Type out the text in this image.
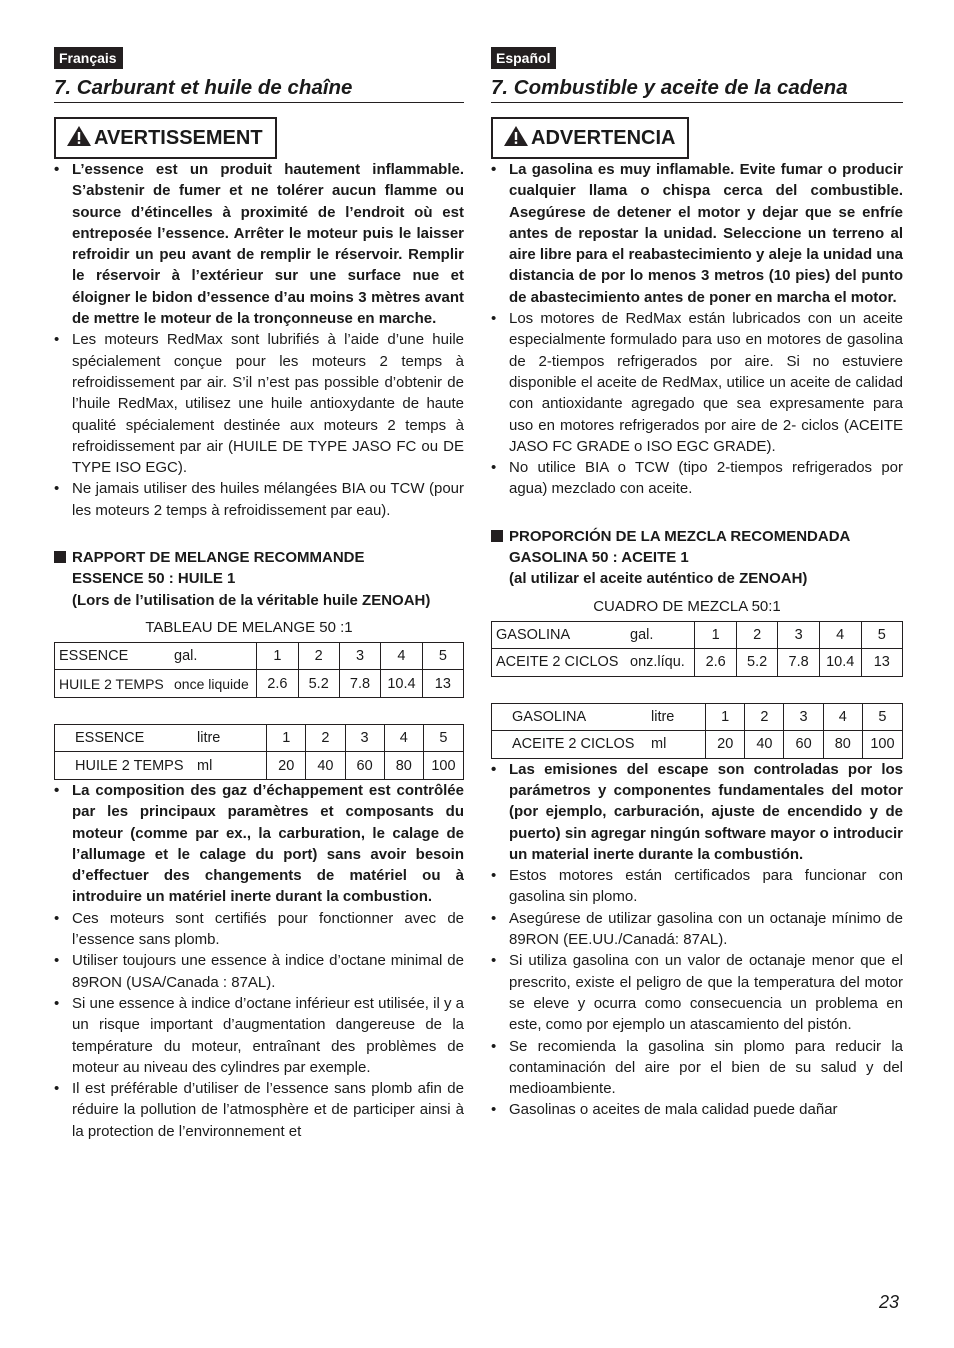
Français
7. Carburant et huile de chaîne
AVERTISSEMENT
• L’essence est un produit hautement inflammable. S’abstenir de fumer et ne tolérer aucun flamme ou source d’étincelles à proximité de l’endroit où est entreposée l’essence. Arrêter le moteur puis le laisser refroidir un peu avant de remplir le réservoir. Remplir le réservoir à l’extérieur sur une surface nue et éloigner le bidon d’essence d’au moins 3 mètres avant de mettre le moteur de la tronçonneuse en marche.
• Les moteurs RedMax sont lubrifiés à l’aide d’une huile spécialement conçue pour les moteurs 2 temps à refroidissement par air. S’il n’est pas possible d’obtenir de l’huile RedMax, utilisez une huile antioxydante de haute qualité spécialement destinée aux moteurs 2 temps à refroidissement par air (HUILE DE TYPE JASO FC ou DE TYPE ISO EGC).
• Ne jamais utiliser des huiles mélangées BIA ou TCW (pour les moteurs 2 temps à refroidissement par eau).
RAPPORT DE MELANGE RECOMMANDE
ESSENCE 50 : HUILE 1
(Lors de l’utilisation de la véritable huile ZENOAH)
TABLEAU DE MELANGE 50 :1
ESSENCE gal.	1	2	3	4	5
HUILE 2 TEMPS once liquide	2.6	5.2	7.8	10.4	13
ESSENCE litre	1	2	3	4	5
HUILE 2 TEMPS ml	20	40	60	80	100
• La composition des gaz d’échappement est contrôlée par les principaux paramètres et composants du moteur (comme par ex., la carburation, le calage de l’allumage et le calage du port) sans avoir besoin d’effectuer des changements de matériel ou à introduire un matériel inerte durant la combustion.
• Ces moteurs sont certifiés pour fonctionner avec de l’essence sans plomb.
• Utiliser toujours une essence à indice d’octane minimal de 89RON (USA/Canada : 87AL).
• Si une essence à indice d’octane inférieur est utilisée, il y a un risque important d’augmentation dangereuse de la température du moteur, entraînant des problèmes de moteur au niveau des cylindres par exemple.
• Il est préférable d’utiliser de l’essence sans plomb afin de réduire la pollution de l’atmosphère et de participer ainsi à la protection de l’environnement et
Español
7. Combustible y aceite de la cadena
ADVERTENCIA
• La gasolina es muy inflamable. Evite fumar o producir cualquier llama o chispa cerca del combustible. Asegúrese de detener el motor y dejar que se enfríe antes de repostar la unidad. Seleccione un terreno al aire libre para el reabastecimiento y aleje la unidad una distancia de por lo menos 3 metros (10 pies) del punto de abastecimiento antes de poner en marcha el motor.
• Los motores de RedMax están lubricados con un aceite especialmente formulado para uso en motores de gasolina de 2-tiempos refrigerados por aire. Si no estuviere disponible el aceite de RedMax, utilice un aceite de calidad con antioxidante agregado que sea expresamente para uso en motores refrigerados por aire de 2- ciclos (ACEITE JASO FC GRADE o ISO EGC GRADE).
• No utilice BIA o TCW (tipo 2-tiempos refrigerados por agua) mezclado con aceite.
PROPORCIÓN DE LA MEZCLA RECOMENDADA
GASOLINA 50 : ACEITE 1
(al utilizar el aceite auténtico de ZENOAH)
CUADRO DE MEZCLA 50:1
GASOLINA gal.	1	2	3	4	5
ACEITE 2 CICLOS onz.líqu.	2.6	5.2	7.8	10.4	13
GASOLINA litre	1	2	3	4	5
ACEITE 2 CICLOS ml	20	40	60	80	100
• Las emisiones del escape son controladas por los parámetros y componentes fundamentales del motor (por ejemplo, carburación, ajuste de encendido y de puerto) sin agregar ningún software mayor o introducir un material inerte durante la combustión.
• Estos motores están certificados para funcionar con gasolina sin plomo.
• Asegúrese de utilizar gasolina con un octanaje mínimo de 89RON (EE.UU./Canadá: 87AL).
• Si utiliza gasolina con un valor de octanaje menor que el prescrito, existe el peligro de que la temperatura del motor se eleve y ocurra como consecuencia un problema en este, como por ejemplo un atascamiento del pistón.
• Se recomienda la gasolina sin plomo para reducir la contaminación del aire por el bien de su salud y del medioambiente.
• Gasolinas o aceites de mala calidad puede dañar
23
